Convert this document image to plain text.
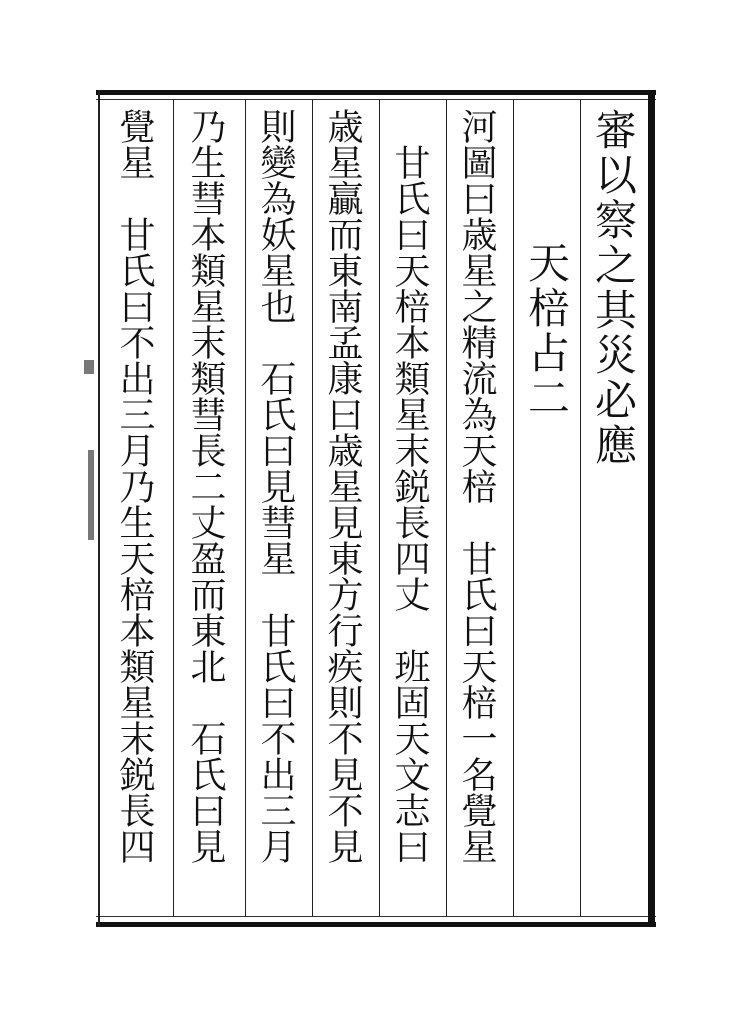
審以察之其災必應
　天棓占二
河圖曰歳星之精流為天棓　甘氏曰天棓一名覺星
　甘氏曰天棓本類星末鋭長四丈　班固天文志曰
歳星贏而東南孟康曰歳星見東方行疾則不見不見
則變為妖星也　石氏曰見彗星　甘氏曰不出三月
乃生彗本類星末類彗長二丈盈而東北　石氏曰見
覺星　甘氏曰不出三月乃生天棓本類星末鋭長四
